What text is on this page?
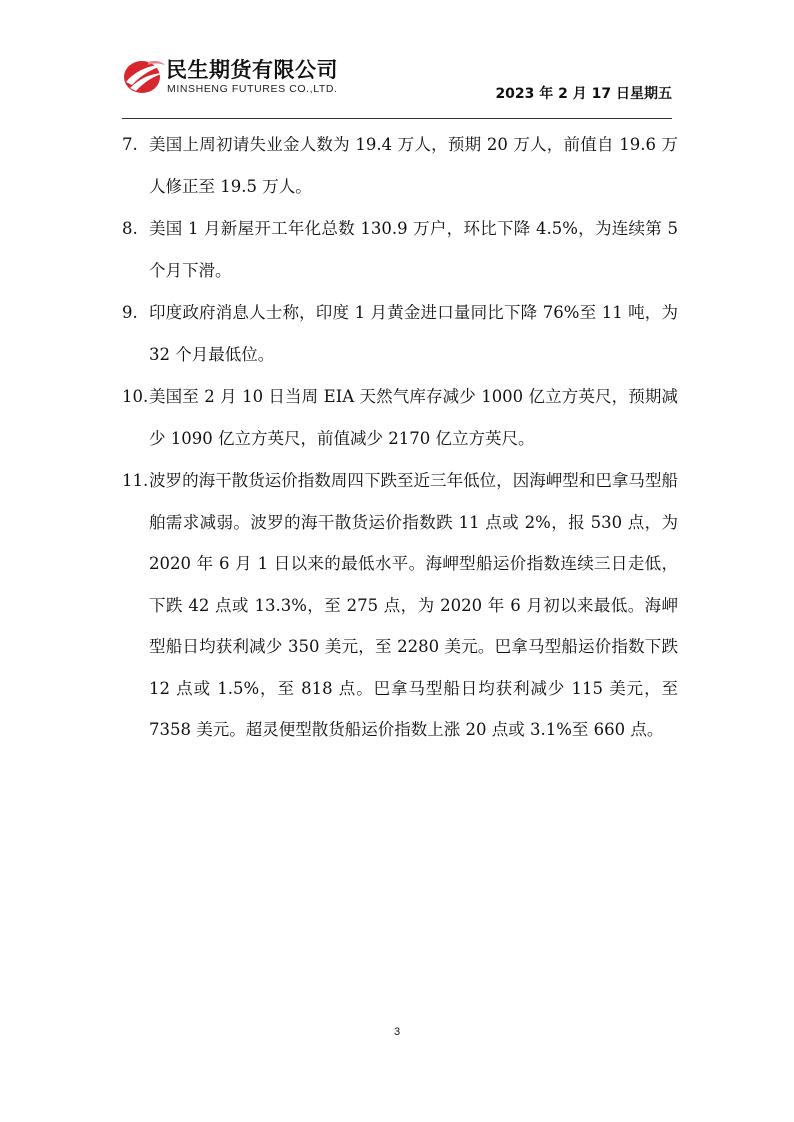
民生期货有限公司
MINSHENG FUTURES CO.,LTD.	2023 年 2 月 17 日星期五
7. 美国上周初请失业金人数为 19.4 万人，预期 20 万人，前值自 19.6 万人修正至 19.5 万人。
8. 美国 1 月新屋开工年化总数 130.9 万户，环比下降 4.5%，为连续第 5 个月下滑。
9. 印度政府消息人士称，印度 1 月黄金进口量同比下降 76%至 11 吨，为 32 个月最低位。
10. 美国至 2 月 10 日当周 EIA 天然气库存减少 1000 亿立方英尺，预期减少 1090 亿立方英尺，前值减少 2170 亿立方英尺。
11. 波罗的海干散货运价指数周四下跌至近三年低位，因海岬型和巴拿马型船舶需求减弱。波罗的海干散货运价指数跌 11 点或 2%，报 530 点，为 2020 年 6 月 1 日以来的最低水平。海岬型船运价指数连续三日走低，下跌 42 点或 13.3%，至 275 点，为 2020 年 6 月初以来最低。海岬型船日均获利减少 350 美元，至 2280 美元。巴拿马型船运价指数下跌 12 点或 1.5%，至 818 点。巴拿马型船日均获利减少 115 美元，至 7358 美元。超灵便型散货船运价指数上涨 20 点或 3.1%至 660 点。
3
